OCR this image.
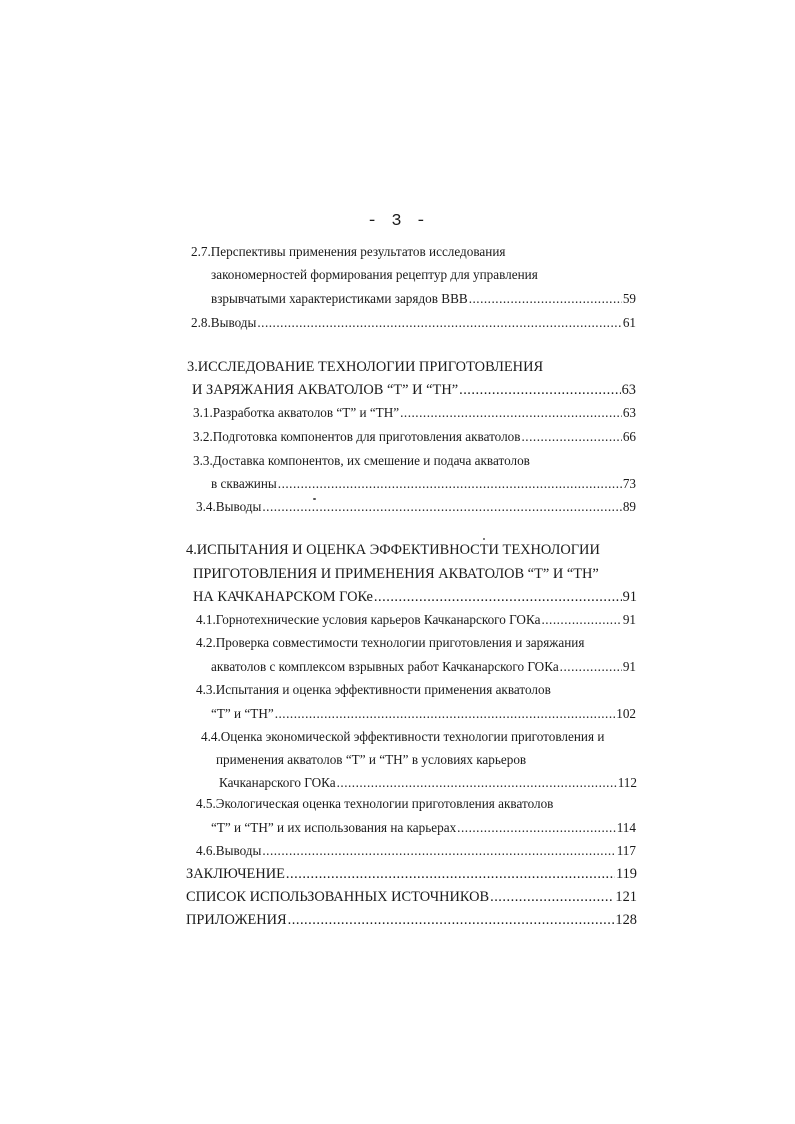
- 3 -
2.7.Перспективы применения результатов исследования
закономерностей формирования рецептур для управления
взрывчатыми характеристиками зарядов ВВВ .....	59
2.8.Выводы .....	61
3.ИССЛЕДОВАНИЕ ТЕХНОЛОГИИ ПРИГОТОВЛЕНИЯ
И ЗАРЯЖАНИЯ АКВАТОЛОВ “Т” И “ТН” .....	63
3.1.Разработка акватолов “Т” и “ТН” .....	63
3.2.Подготовка компонентов для приготовления акватолов .....	66
3.3.Доставка компонентов, их смешение и подача акватолов
в скважины .....	73
3.4.Выводы .....	89
4.ИСПЫТАНИЯ И ОЦЕНКА ЭФФЕКТИВНОСТИ ТЕХНОЛОГИИ
ПРИГОТОВЛЕНИЯ И ПРИМЕНЕНИЯ АКВАТОЛОВ “Т” И “ТН”
НА КАЧКАНАРСКОМ ГОКе .....	91
4.1.Горнотехнические условия карьеров Качканарского ГОКа .....	91
4.2.Проверка совместимости технологии приготовления и заряжания
акватолов с комплексом взрывных работ Качканарского ГОКа .....	91
4.3.Испытания и оценка эффективности применения акватолов
“Т” и “ТН” .....	102
4.4.Оценка экономической эффективности технологии приготовления и
применения акватолов “Т” и “ТН” в условиях карьеров
Качканарского ГОКа .....	112
4.5.Экологическая оценка технологии приготовления акватолов
“Т” и “ТН” и их использования на карьерах .....	114
4.6.Выводы .....	117
ЗАКЛЮЧЕНИЕ .....	119
СПИСОК ИСПОЛЬЗОВАННЫХ ИСТОЧНИКОВ .....	121
ПРИЛОЖЕНИЯ .....	128
